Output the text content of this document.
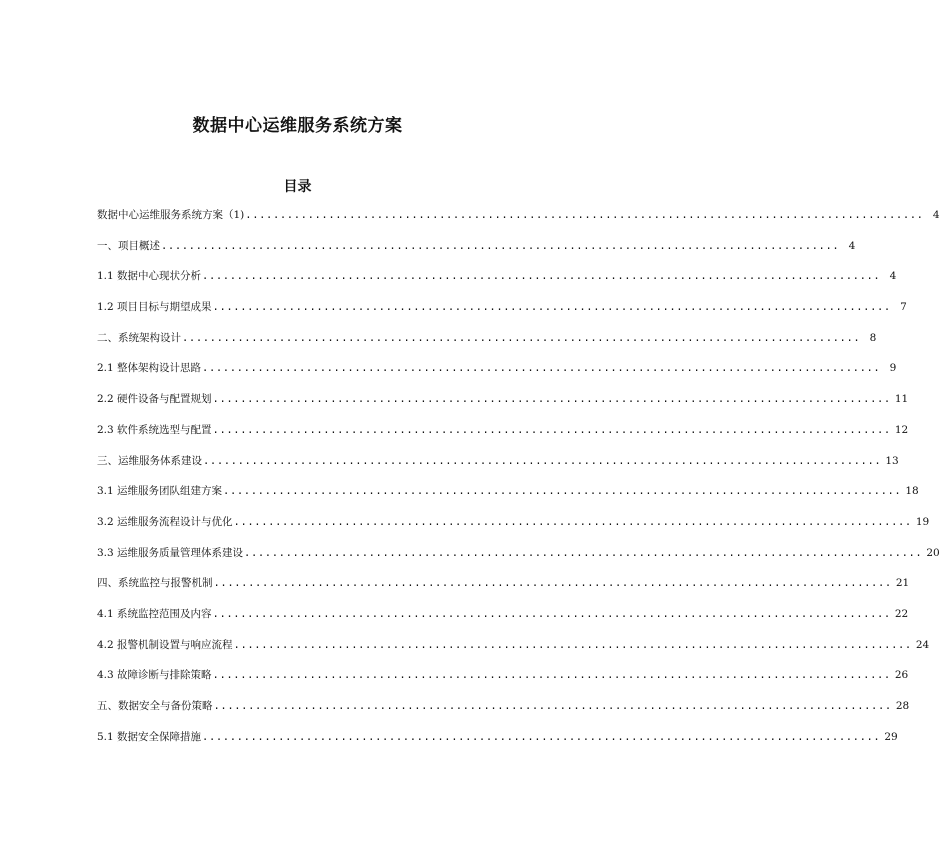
数据中心运维服务系统方案
目录
数据中心运维服务系统方案（1) .................................................................................................. 4
一、项目概述 .................................................................................................. 4
1.1 数据中心现状分析 .................................................................................................. 4
1.2 项目目标与期望成果 .................................................................................................. 7
二、系统架构设计 .................................................................................................. 8
2.1 整体架构设计思路 .................................................................................................. 9
2.2 硬件设备与配置规划 .................................................................................................. 11
2.3 软件系统选型与配置 .................................................................................................. 12
三、运维服务体系建设 .................................................................................................. 13
3.1 运维服务团队组建方案 .................................................................................................. 18
3.2 运维服务流程设计与优化 .................................................................................................. 19
3.3 运维服务质量管理体系建设 .................................................................................................. 20
四、系统监控与报警机制 .................................................................................................. 21
4.1 系统监控范围及内容 .................................................................................................. 22
4.2 报警机制设置与响应流程 .................................................................................................. 24
4.3 故障诊断与排除策略 .................................................................................................. 26
五、数据安全与备份策略 .................................................................................................. 28
5.1 数据安全保障措施 .................................................................................................. 29
